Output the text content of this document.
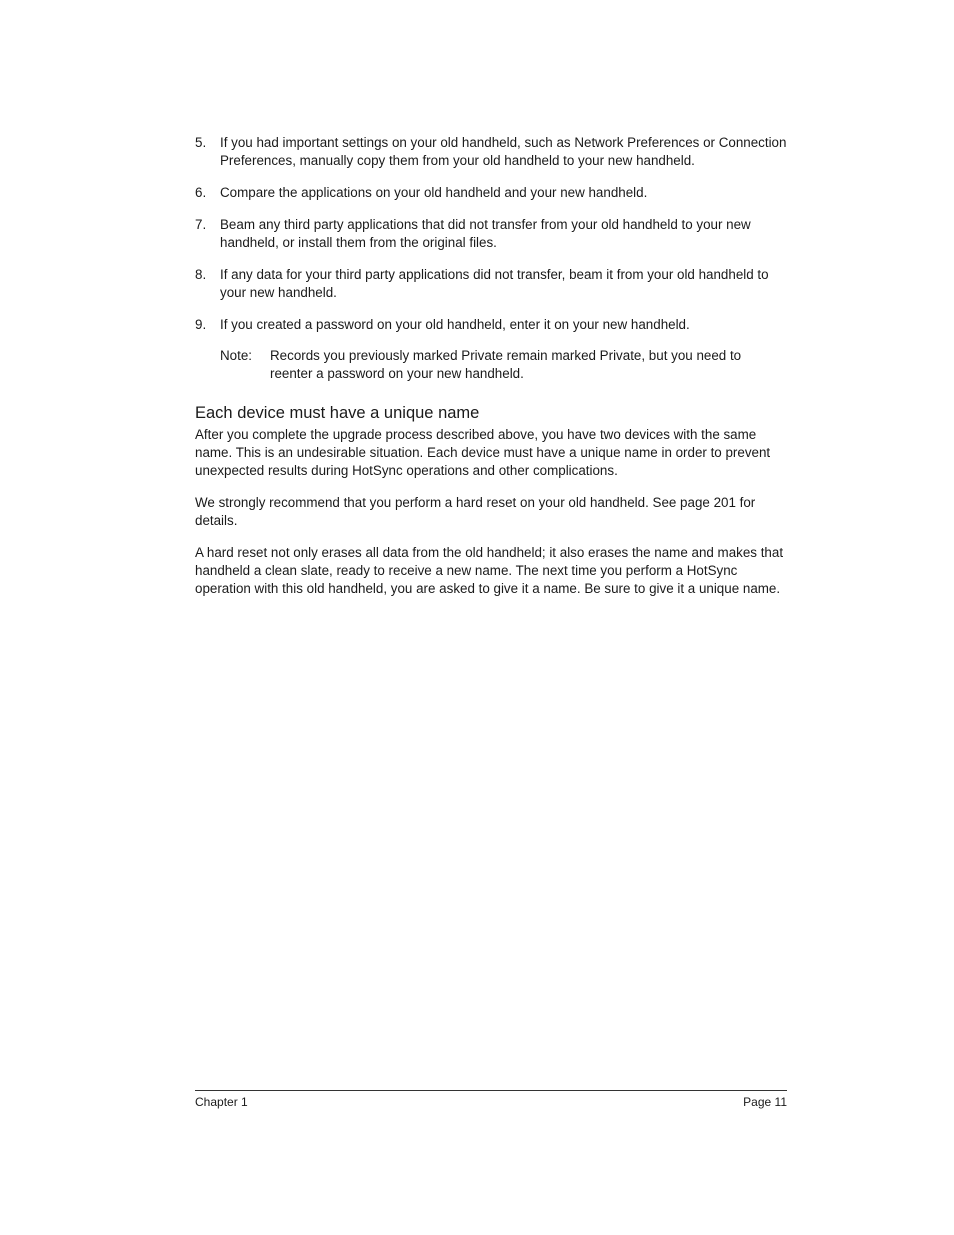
5.	If you had important settings on your old handheld, such as Network Preferences or Connection Preferences, manually copy them from your old handheld to your new handheld.
6.	Compare the applications on your old handheld and your new handheld.
7.	Beam any third party applications that did not transfer from your old handheld to your new handheld, or install them from the original files.
8.	If any data for your third party applications did not transfer, beam it from your old handheld to your new handheld.
9.	If you created a password on your old handheld, enter it on your new handheld.
Note:	Records you previously marked Private remain marked Private, but you need to reenter a password on your new handheld.
Each device must have a unique name

After you complete the upgrade process described above, you have two devices with the same name. This is an undesirable situation. Each device must have a unique name in order to prevent unexpected results during HotSync operations and other complications.

We strongly recommend that you perform a hard reset on your old handheld. See page 201 for details.

A hard reset not only erases all data from the old handheld; it also erases the name and makes that handheld a clean slate, ready to receive a new name. The next time you perform a HotSync operation with this old handheld, you are asked to give it a name. Be sure to give it a unique name.

Chapter 1	Page 11
